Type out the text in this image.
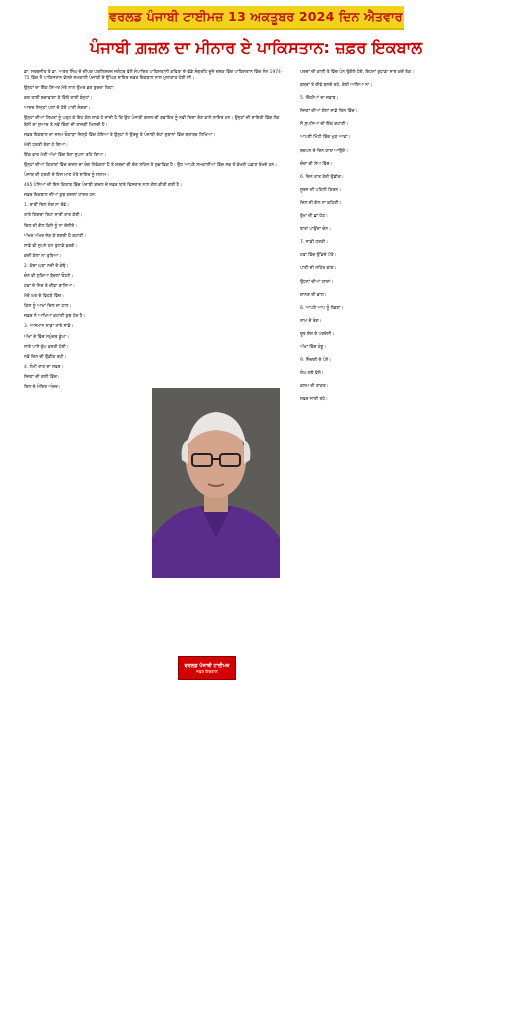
ਵਰਲਡ ਪੰਜਾਬੀ ਟਾਈਮਜ਼ 13 ਅਕਤੂਬਰ 2024 ਦਿਨ ਐਤਵਾਰ
ਪੰਜਾਬੀ ਗ਼ਜ਼ਲ ਦਾ ਮੀਨਾਰ ਏ ਪਾਕਿਸਤਾਨ: ਜ਼ਫ਼ਰ ਇਕਬਾਲ

ਡਾ. ਸਰਬਜੀਤ ਤੇ ਡਾ. ਅਤਰ ਸਿੰਘ ਦੇ ਦੀਪਕ ਪਬਲਿਸ਼ਰਜ਼ ਜਲੰਧਰ ਵੱਲੋਂ ਸੰਪਾਦਿਤ ਪਾਕਿਸਤਾਨੀ ਕਵਿਤਾ ਦੇ ਵੱਡੇ ਸੰਗ੍ਰਹਿ ਦੂਜੇ ਦਸ਼ਕ ਵਿੱਚ ਪਾਕਿਸਤਾਨ ਵਿੱਚ ਸੰਨ 1974-75 ਵਿੱਚ ਮੈਂ ਪਾਕਿਸਤਾਨ ਵੱਲਦੇ ਸਮਕਾਲੀ ਪੰਜਾਬੀ ਦੇ ਉੱਘੜ ਸ਼ਾਇਰ ਜ਼ਫ਼ਰ ਇਕਬਾਲ ਨਾਲ ਮੁਲਾਕਾਤ ਹੋਈ ਸੀ।

ਉਨ੍ਹਾਂ ਦਾ ਇੱਕ ਸ਼ਿਅਰ ਮੇਰੇ ਨਾਲ ਉਮਰ ਭਰ ਤੁਰਦਾ ਰਿਹਾ:

ਕਦ ਤਾਈਂ ਬਚਾਵਾਂਗਾ ਤੇ ਕਿੱਥੋਂ ਤਾਈਂ ਬੰਨ੍ਹਾਂ।

ਆਜ਼ਰ ਜਿਨ੍ਹਾਂ ਪਲਾਂ ਦੇ ਹੱਥੋਂ ਪਾਣੀ ਸੰਗਦਾ।

ਉਨ੍ਹਾਂ ਦੀਆਂ ਲਿਖਤਾਂ ਨੂੰ ਪੜ੍ਹ ਕੇ ਇਹ ਗੱਲ ਸਾਫ਼ ਹੋ ਜਾਂਦੀ ਹੈ ਕਿ ਉਹ ਪੰਜਾਬੀ ਗ਼ਜ਼ਲ ਦੀ ਰਵਾਇਤ ਨੂੰ ਨਵੀਂ ਦਿਸ਼ਾ ਦੇਣ ਵਾਲੇ ਸ਼ਾਇਰ ਹਨ। ਉਨ੍ਹਾਂ ਦੀ ਸ਼ਾਇਰੀ ਵਿੱਚ ਲੋਕ ਬੋਲੀ ਦਾ ਸੁਆਦ ਤੇ ਨਵੇਂ ਬਿੰਬਾਂ ਦੀ ਤਾਜ਼ਗੀ ਮਿਲਦੀ ਹੈ।

ਜ਼ਫ਼ਰ ਇਕਬਾਲ ਦਾ ਜਨਮ ਓਕਾੜਾ ਜ਼ਿਲ੍ਹੇ ਵਿੱਚ ਹੋਇਆ ਤੇ ਉਨ੍ਹਾਂ ਨੇ ਉਰਦੂ ਤੇ ਪੰਜਾਬੀ ਦੋਹਾਂ ਜ਼ੁਬਾਨਾਂ ਵਿੱਚ ਬਰਾਬਰ ਲਿਖਿਆ।

ਮੇਰੀ ਧਰਤੀ ਤੇਰਾ ਹੋ ਗਿਆ।

ਇੱਕ ਵਾਰ ਮੇਰੀ ਅੱਖਾਂ ਵਿੱਚ ਤੇਰਾ ਸੁਪਨਾ ਰਹਿ ਗਿਆ।

ਉਨ੍ਹਾਂ ਦੀਆਂ ਕਿਤਾਬਾਂ ਵਿੱਚ ਗ਼ਜ਼ਲ ਦਾ ਰੰਗ ਨਿਵੇਕਲਾ ਹੈ ਤੇ ਸ਼ਬਦਾਂ ਦੀ ਚੋਣ ਸਹਿਜ ਤੇ ਸੁਭਾਵਿਕ ਹੈ। ਉਹ ਆਪਣੇ ਸਮਕਾਲੀਆਂ ਵਿੱਚ ਸਭ ਤੋਂ ਵੱਖਰੀ ਪਛਾਣ ਰੱਖਦੇ ਹਨ।

ਪੰਜਾਬ ਦੀ ਧਰਤੀ ਦੇ ਇਸ ਮਾਣ ਮੱਤੇ ਸ਼ਾਇਰ ਨੂੰ ਸਲਾਮ।

495 ਪੰਨਿਆਂ ਦੀ ਇਸ ਕਿਤਾਬ ਵਿੱਚ ਪੰਜਾਬੀ ਗ਼ਜ਼ਲ ਦੇ ਸਫ਼ਰ ਬਾਰੇ ਵਿਸਥਾਰ ਨਾਲ ਗੱਲ ਕੀਤੀ ਗਈ ਹੈ।

ਜ਼ਫ਼ਰ ਇਕਬਾਲ ਦੀਆਂ ਕੁਝ ਗ਼ਜ਼ਲਾਂ ਹਾਜ਼ਰ ਹਨ:

1. ਰਾਤੀਂ ਦਿਲ ਸੰਗ ਨਾ ਰੋਵੇ।

ਤਾਰੇ ਗਿਣਦਾ ਰਿਹਾ ਸਾਰੀ ਰਾਤ ਕੋਈ।

ਦਿਲ ਦੀ ਗੱਲ ਕਿਸੇ ਨੂੰ ਨਾ ਦੱਸੀਏ।

ਅੱਖਰ ਅੱਖਰ ਜੋੜ ਕੇ ਬਣਦੀ ਹੈ ਕਹਾਣੀ।

ਸਾਡੇ ਵੀ ਸੁਪਨੇ ਹਨ ਤੁਹਾਡੇ ਵਰਗੇ।

ਕਦੀਂ ਕੱਲਾ ਨਾ ਤੁਰਿਆ।

2. ਕੱਚਾ ਘੜਾ ਨਦੀ ਦੇ ਕੰਢੇ।

ਚੰਨ ਵੀ ਲੁਕਿਆ ਬੱਦਲਾਂ ਓਹਲੇ।

ਹਵਾ ਦੇ ਸਿਰ ਤੇ ਦੀਵਾ ਬਾਲਿਆ।

ਮੇਰੇ ਘਰ ਦੇ ਵਿਹੜੇ ਵਿੱਚ।

ਕਿਸ ਨੂੰ ਆਖਾਂ ਦਿਲ ਦਾ ਹਾਲ।

ਜ਼ਫ਼ਰ ਨੇ ਆਖਿਆ ਕਹਾਣੀ ਕੁਝ ਹੋਰ ਹੈ।

3. ਆਸਮਾਨ ਸਾਡਾ ਤਾਰੇ ਸਾਡੇ।

ਅੱਖਾਂ ਦੇ ਵਿੱਚ ਸਮੁੰਦਰ ਡੂੰਘਾ।

ਸਾਰੇ ਪਾਸੇ ਚੁੱਪ ਵਰਤੀ ਹੋਈ।

ਨਵੇਂ ਦਿਨ ਦੀ ਉਡੀਕ ਰਹੀ।

4. ਲੰਮੀ ਰਾਤ ਦਾ ਸਫ਼ਰ।

ਸੱਜਣਾ ਦੀ ਗਲੀ ਵਿੱਚ।

ਦਿਲ ਦੇ ਮੰਦਿਰ ਅੰਦਰ।

ਪਰਦਾਂ ਦੀ ਕਾਲੀ ਤੇ ਵਿੱਚ ਪੰਨ ਉਗੇਲੇ ਹੋਏ, ਇਹਨਾਂ ਤੁਹਾਡਾ ਸਾਥ ਕਦੋਂ ਤੱਕ।

ਕਬਰਾਂ ਤੇ ਦੀਵੇ ਬਲਦੇ ਰਹੇ, ਕੋਈ ਆਇਆ ਨਾ।

5. ਚਿੱਠੀਆਂ ਦਾ ਜਵਾਬ।

ਸੱਜਣਾਂ ਦੀਆਂ ਗੱਲਾਂ ਸਾਡੇ ਦਿਲ ਵਿੱਚ।

ਸੌ ਸੁਪਨਿਆਂ ਦੀ ਇੱਕ ਕਹਾਣੀ।

ਆਪਣੀ ਮਿੱਟੀ ਵਿੱਚ ਮੁੜ ਆਵਾਂ।

ਬਚਪਨ ਦੇ ਦਿਨ ਯਾਦ ਆਉਂਦੇ।

ਚੰਦਾ ਦੀ ਲੋਅ ਵਿੱਚ।

6. ਦਿਨ ਰਾਤ ਤੇਰੀ ਉਡੀਕ।

ਸੂਰਜ ਦੀ ਪਹਿਲੀ ਕਿਰਨ।

ਦਿਲ ਦੀ ਗੱਲ ਨਾ ਕਹਿਣੀ।

ਰੁੱਖਾਂ ਦੀ ਛਾਂ ਹੇਠ।

ਬਾਤਾਂ ਪਾਉਂਦਾ ਚੰਨ।

7. ਸਾਡੀ ਧਰਤੀ।

ਹਵਾ ਵਿੱਚ ਉੱਡਦੇ ਪੱਤੇ।

ਪਾਣੀ ਦੀ ਲਹਿਰ ਵਾਂਗ।

ਉਹਨਾਂ ਦੀਆਂ ਯਾਦਾਂ।

ਚਾਨਣ ਦੀ ਭਾਲ।

8. ਆਪਣੇ ਆਪ ਨੂੰ ਲੱਭਣਾ।

ਸ਼ਾਮ ਦੇ ਰੰਗ।

ਦੂਰ ਦੇਸ਼ ਦੇ ਪਰਦੇਸੀ।

ਅੱਖਾਂ ਵਿੱਚ ਹੰਝੂ।

9. ਜ਼ਿੰਦਗੀ ਦੇ ਪੰਨੇ।

ਲੰਘ ਗਏ ਵੇਲੇ।

ਕਲਮ ਦੀ ਤਾਕਤ।

ਸਫ਼ਰ ਜਾਰੀ ਰਹੇ।

ਵਰਲਡ ਪੰਜਾਬੀ ਟਾਈਮਜ਼
ਜ਼ਫ਼ਰ ਇਕਬਾਲ
